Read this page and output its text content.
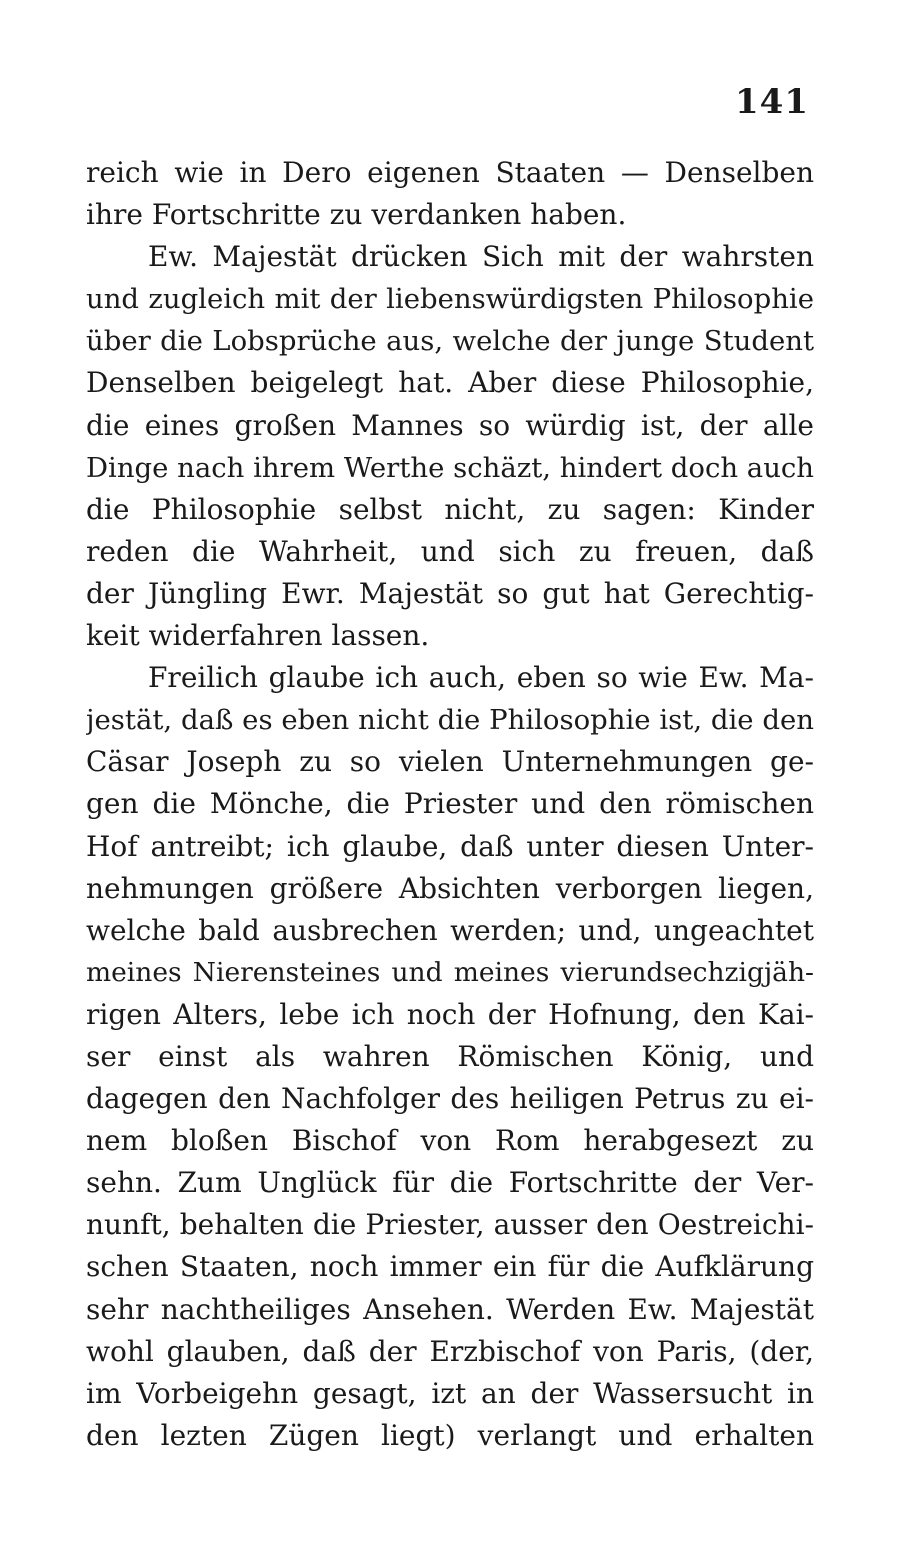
141
reich wie in Dero eigenen Staaten — Denselben
ihre Fortschritte zu verdanken haben.
Ew. Majestät drücken Sich mit der wahrsten
und zugleich mit der liebenswürdigsten Philosophie
über die Lobsprüche aus, welche der junge Student
Denselben beigelegt hat. Aber diese Philosophie,
die eines großen Mannes so würdig ist, der alle
Dinge nach ihrem Werthe schäzt, hindert doch auch
die Philosophie selbst nicht, zu sagen: Kinder
reden die Wahrheit, und sich zu freuen, daß
der Jüngling Ewr. Majestät so gut hat Gerechtig-
keit widerfahren lassen.
Freilich glaube ich auch, eben so wie Ew. Ma-
jestät, daß es eben nicht die Philosophie ist, die den
Cäsar Joseph zu so vielen Unternehmungen ge-
gen die Mönche, die Priester und den römischen
Hof antreibt; ich glaube, daß unter diesen Unter-
nehmungen größere Absichten verborgen liegen,
welche bald ausbrechen werden; und, ungeachtet
meines Nierensteines und meines vierundsechzigjäh-
rigen Alters, lebe ich noch der Hofnung, den Kai-
ser einst als wahren Römischen König, und
dagegen den Nachfolger des heiligen Petrus zu ei-
nem bloßen Bischof von Rom herabgesezt zu
sehn. Zum Unglück für die Fortschritte der Ver-
nunft, behalten die Priester, ausser den Oestreichi-
schen Staaten, noch immer ein für die Aufklärung
sehr nachtheiliges Ansehen. Werden Ew. Majestät
wohl glauben, daß der Erzbischof von Paris, (der,
im Vorbeigehn gesagt, izt an der Wassersucht in
den lezten Zügen liegt) verlangt und erhalten
